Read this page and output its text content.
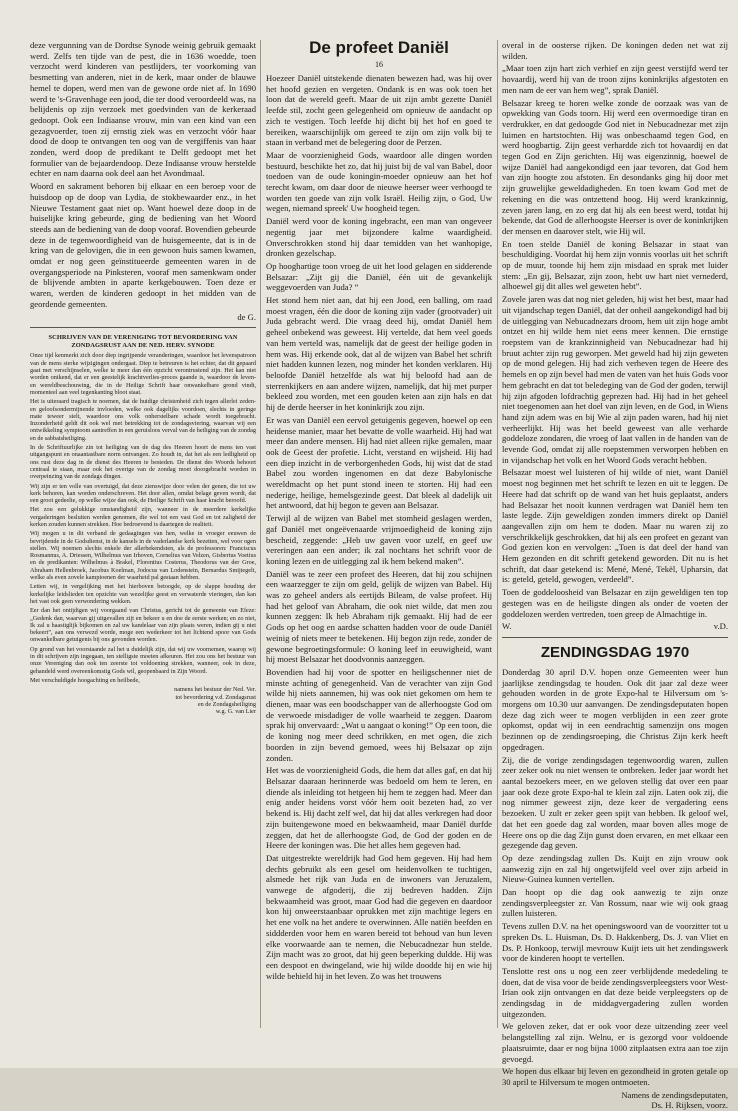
deze vergunning van de Dordtse Synode weinig gebruik gemaakt werd. Zelfs ten tijde van de pest, die in 1636 woedde, toen verzocht werd kinderen van pestlijders, ter voorkoming van besmetting van anderen, niet in de kerk, maar onder de blauwe hemel te dopen, werd men van de gewone orde niet af. In 1690 werd te 's-Gravenhage een jood, die ter dood veroordeeld was, na belijdenis op zijn verzoek met goedvinden van de kerkeraad gedoopt. Ook een Indiaanse vrouw, min van een kind van een gezagvoerder, toen zij ernstig ziek was en verzocht vóór haar dood de doop te ontvangen ten oog van de vergiffenis van haar zonden, werd doop de predikant te Delft gedoopt met het formulier van de bejaardendoop. Deze Indiaanse vrouw herstelde echter en nam daarna ook deel aan het Avondmaal.

Woord en sakrament behoren bij elkaar en een beroep voor de huisdoop op de doop van Lydia, de stokbewaarder enz., in het Nieuwe Testament gaat niet op. Want hoewel deze doop in de huiselijke kring gebeurde, ging de bediening van het Woord steeds aan de bediening van de doop vooraf. Bovendien gebeurde deze in de tegenwoordigheid van de huisgemeente, dat is in de kring van de gelovigen, die in een gewoon huis samen kwamen, omdat er nog geen geïnstitueerde gemeenten waren in de overgangsperiode na Pinksteren, vooraf men samenkwam onder de blijvende ambten in aparte kerkgebouwen. Toen deze er waren, werden de kinderen gedoopt in het midden van de geordende gemeenten.

de G.

SCHRIJVEN VAN DE VERENIGING TOT BEVORDERING VAN ZONDAGSRUST AAN DE NED. HERV. SYNODE

Onze tijd kenmerkt zich door diep ingrijpende veranderingen, waardoor het levenspatroon van de mens sterke wijzigingen ondergaat. Diep te betreuren is het echter, dat dit gepaard gaat met verschijnselen, welke te meer dan één opzicht verontrustend zijn. Het kan niet worden ontkend, dat er een geestelijk krachtverlies-proces gaande is, waardoor de leven- en wereldbeschouwing, die in de Heilige Schrift haar onwankelbare grond vindt, momenteel aan veel tegenkanting bloot staat.

Het is uiteraard tragisch te noemen, dat de huidige christenheid zich tegen allerlei zeden- en geloofsondermijnende invloeden, welke ook dagelijks voordoen, slechts in geringe mate teweer stelt, waardoor ons volk onherstelbare schade wordt toegebracht. Inzonderheid geldt dit ook wel met betrekking tot de zondagsviering, waarvan wij een ontwikkeling symptoom aantreffen in een geruisloos verval van de heiliging van de zondag en de sabbatsheiliging.

In de Schriftuurlijke zin tot heiliging van de dag des Heeren hoort de mens ten vast uitgangspunt en onaantastbare norm ontvangen. Zo houdt in, dat het als een ledligheid op ons rust deze dag in de dienst des Heeren te besteden. De dienst des Woords behoort centraal te staan, maar ook het overige van de zondag moet doorgebracht worden in overpeinzing van de zondags dingen.

Wij zijn er ten volle van overtuigd, dat deze zienswijze door velen der genen, die tot uw kerk behoren, kan worden onderschreven. Het door allen, omdat belage geven wordt, dat een groot gedeelte, op welke wijze dan ook, de Heilige Schrift van haar kracht beroofd.

Het zou een gelukkige omstandigheid zijn, wanneer in de meerdere kerkelijke vergaderingen besluiten werden genomen, die wel tot een vast God en tot zaligheid der kerken zouden kunnen strekken. Hoe bedroevend is daartegen de realiteit.

Wij mogen u in dit verband de gedaagingen van hen, welke in vroeger eeuwen de bevrijdende in de Godsdienst, in de kansels in de vaderlandse kerk bezetten, wel voor ogen stellen. Wij noemen slechts enkele der allerbekendsten, als de professoren: Franciscus Rosmannus, A. Driessen, Wilhelmus van Irhoven, Cornelius van Velzen, Gisbertus Voetius en de predikanten: Wilhelmus à Brakel, Florentius Costerus, Theodorus van der Groe, Abraham Hellenbroek, Jacobus Koelman, Jodocus van Lodenstein, Bernardus Smijtegelt, welke als even zovele kampioenen der waarheid pal gestaan hebben.

Letten wij, in vergelijking met het hierboven betoogde, op de slappe houding der kerkelijke leidslieden ten opzichte van wezelijke geest en verwaterde vieringen, dan kan het vast ook geen verwondering wekken.

Eer dan het ontijdigen wij voorgaand van Christus, gericht tot de gemeente van Efeze: „Gedenk dan, waarvan gij uitgevallen zijt en bekeer u en doe de eerste werken; en zo niet, Ik zal u haastiglijk bijkomen en zal uw kandelaar van zijn plaats weren, indien gij u niet bekeert”, aan ons verwezd worde, moge een wederkeer tot het lichtend spoor van Gods onwankelbare getuigenis bij ons gevonden worden.

Op grond van het voorstaande zal het u duidelijk zijn, dat wij uw voornemen, waarop wij in dit schrijven zijn ingegaan, ten stelligste moeten afkeuren. Het zou ons het bestuur van onze Vereniging dan ook ten zeerste tot voldoening strekken, wanneer, ook in deze, gehandeld werd overeenkomstig Gods wil, geopenbaard in Zijn Woord.

Met verschuldigde hoogachting en heilbede,

namens het bestuur der Ned. Ver.
tot bevordering v.d. Zondagsrust
en de Zondagsheiliging
w.g. G. van Lier
De profeet Daniël
16

Hoezeer Daniël uitstekende dienaten bewezen had, was hij over het hoofd gezien en vergeten. Ondank is en was ook toen het loon dat de wereld geeft. Maar de uit zijn ambt gezette Daniël leefde stil, zocht geen gelegenheid om opnieuw de aandacht op zich te vestigen. Toch leefde hij dicht bij het hof en goed te bereiken, waarschijnlijk om gereed te zijn om zijn volk bij te staan in verband met de belegering door de Perzen.

Maar de voorzienigheid Gods, waardoor alle dingen worden bestuurd, beschikte het zo, dat hij juist bij de val van Babel, door toedoen van de oude koningin-moeder opnieuw aan het hof terecht kwam, om daar door de nieuwe heerser weer verhoogd te worden ten goede van zijn volk Israël. Heilig zijn, o God, Uw wegen, niemand spreek' Uw hoogheid tegen.

Daniël werd voor de koning ingebracht, een man van ongeveer negentig jaar met bijzondere kalme waardigheid. Onverschrokken stond hij daar temidden van het wanhopige, dronken gezelschap.

Op hooghartige toon vroeg de uit het lood gelagen en sidderende Belsazar: „Zijt gij die Daniël, één uit de gevankelijk weggevoerden van Juda? ”

Het stond hem niet aan, dat hij een Jood, een balling, om raad moest vragen, één die door de koning zijn vader (grootvader) uit Juda gebracht werd. Die vraag deed hij, omdat Daniël hem geheel onbekend was geweest. Hij vertelde, dat hem veel goeds van hem verteld was, namelijk dat de geest der heilige goden in hem was. Hij erkende ook, dat al de wijzen van Babel het schrift niet hadden kunnen lezen, nog minder het konden verklaren. Hij beloofde Daniël hetzelfde als wat hij beloofd had aan de sterrenkijkers en aan andere wijzen, namelijk, dat hij met purper bekleed zou worden, met een gouden keten aan zijn hals en dat hij de derde heerser in het koninkrijk zou zijn.

Er was van Daniël een eervol getuigenis gegeven, hoewel op een heidense manier, maar het bevatte de volle waarheid. Hij had wat meer dan andere mensen. Hij had niet alleen rijke gemalen, maar ook de Geest der profetie. Licht, verstand en wijsheid. Hij had een diep inzicht in de verborgenheden Gods, hij wist dat de stad Babel zou worden ingenomen en dat deze Babylonische wereldmacht op het punt stond ineen te storten. Hij had een nederige, heilige, hemelsgezinde geest. Dat bleek al dadelijk uit het antwoord, dat hij begon te geven aan Belsazar.

Terwijl al de wijzen van Babel met stomheid geslagen werden, gaf Daniël met ongeëvenaarde vrijmoedigheid de koning zijn bescheid, zeggende: „Heb uw gaven voor uzelf, en geef uw vereringen aan een ander; ik zal nochtans het schrift voor de koning lezen en de uitlegging zal ik hem bekend maken”.

Daniël was te zeer een profeet des Heeren, dat hij zou schijnen een waarzegger te zijn om geld, gelijk de wijzen van Babel. Hij was zo geheel anders als eertijds Bileam, de valse profeet. Hij had het geloof van Abraham, die ook niet wilde, dat men zou kunnen zeggen: Ik heb Abraham rijk gemaakt. Hij had de eer Gods op het oog en aardse schatten hadden voor de oude Daniël weinig of niets meer te betekenen. Hij begon zijn rede, zonder de gewone begroetingsformule: O koning leef in eeuwigheid, want hij moest Belsazar het doodvonnis aanzeggen.

Bovendien had hij voor de spotter en heiligschenner niet de minste achting of genegenheid. Van de verachter van zijn God wilde hij niets aannemen, hij was ook niet gekomen om hem te dienen, maar was een boodschapper van de allerhoogste God om de verwoede misdadiger de volle waarheid te zeggen. Daarom sprak hij onvervaard: „Wat u aangaat o koning!” Op een toon, die de koning nog meer deed schrikken, en met ogen, die zich boorden in zijn bevend gemoed, wees hij Belsazar op zijn zonden.

Het was de voorzienigheid Gods, die hem dat alles gaf, en dat hij Belsazar daaraan herinnerde was bedoeld om hem te leren, en diende als inleiding tot hetgeen hij hem te zeggen had. Meer dan enig ander heidens vorst vóór hem ooit bezeten had, zo ver bekend is. Hij dacht zelf wel, dat hij dat alles verkregen had door zijn buitengewone moed en bekwaamheid, maar Daniël durfde zeggen, dat het de allerhoogste God, de God der goden en de Heere der koningen was. Die het alles hem gegeven had.

Dat uitgestrekte wereldrijk had God hem gegeven. Hij had hem dechts gebruikt als een gesel om heidenvolken te tuchtigen, alsmede het rijk van Juda en de inwoners van Jeruzalem, vanwege de afgoderij, die zij bedreven hadden. Zijn bekwaamheid was groot, maar God had die gegeven en daardoor kon hij onweerstaanbaar oprukken met zijn machtige legers en het ene volk na het andere te overwinnen. Alle natiën beefden en siddderden voor hem en waren bereid tot behoud van hun leven elke voorwaarde aan te nemen, die Nebucadnezar hun stelde. Zijn macht was zo groot, dat hij geen beperking duldde. Hij was een despoot en dwingeland, wie hij wilde doodde hij en wie hij wilde behield hij in het leven. Zo was het trouwens

overal in de oosterse rijken. De koningen deden net wat zij wilden.

„Maar toen zijn hart zich verhief en zijn geest verstijfd werd ter hovaardij, werd hij van de troon zijns koninkrijks afgestoten en men nam de eer van hem weg”, sprak Daniël.

Belsazar kreeg te horen welke zonde de oorzaak was van de opwekking van Gods toorn. Hij werd een overmoedige tiran en verdrukker, en dat gedoogde God niet in Nebucadnezar met zijn luimen en hartstochten. Hij was onbeschaamd tegen God, en werd hoogbartig. Zijn geest verhardde zich tot hovaardij en dat tegen God en Zijn gerichten. Hij was eigenzinnig, hoewel de wijze Daniël had aangekondigd een jaar tevoren, dat God hem van zijn hoogte zou afstoten. En desondanks ging hij door met zijn gruwelijke geweldadigheden. En toen kwam God met de rekening en die was ontzettend hoog. Hij werd krankzinnig, zeven jaren lang, en zo erg dat hij als een beest werd, totdat hij bekende, dat God de allerhoogste Heerser is over de koninkrijken der mensen en daarover stelt, wie Hij wil.

En toen stelde Daniël de koning Belsazar in staat van beschuldiging. Voordat hij hem zijn vonnis voorlas uit het schrift op de muur, toonde hij hem zijn misdaad en sprak met luider stem: „En gij, Belsazar, zijn zoon, hebt uw hart niet vernederd, alhoewel gij dit alles wel geweten hebt”.

Zovele jaren was dat nog niet geleden, hij wist het best, maar had uit vijandschap tegen Daniël, dat der onheil aangekondigd had bij de uitlegging van Nebucadnezars droom, hem uit zijn hoge ambt ontzet en hij wilde hem niet eens meer kennen. Die ernstige roepstem van de krankzinnigheid van Nebucadnezar had hij bruut achter zijn rug geworpen. Met geweld had hij zijn geweten op de mond gelegen. Hij had zich verheven tegen de Heere des hemels en op zijn bevel had men de vaten van het huis Gods voor hem gebracht en dat tot beledeging van de God der goden, terwijl hij zijn afgoden lofdrachtig geprezen had. Hij had in het geheel niet toegenomen aan het doel van zijn leven, en de God, in Wiens hand zijn adem was en bij Wie al zijn paden waren, had hij niet verheerlijkt. Hij was het beeld geweest van alle verharde goddeloze zondaren, die vroeg of laat vallen in de handen van de levende God, omdat zij alle roepstemmen verworpen hebben en in vijandschap het volk en het Woord Gods veracht hebben.

Belsazar moest wel luisteren of hij wilde of niet, want Daniël moest nog beginnen met het schrift te lezen en uit te leggen. De Heere had dat schrift op de wand van het huis geplaatst, anders had Belsazar het nooit kunnen verdragen wat Daniël hem ten laste legde. Zijn geweldigen zonden immers direkt op Daniël aangevallen zijn om hem te doden. Maar nu waren zij zo verschrikkelijk geschrokken, dat hij als een profeet en gezant van God gezien kon en vervolgen: „Toen is dat deel der hand van Hem gezonden en dit schrift getekend geworden. Dit nu is het schrift, dat daar getekend is: Mené, Mené, Tekël, Upharsin, dat is: geteld, geteld, gewogen, verdeeld”.

Toen de goddeloosheid van Belsazar en zijn geweldigen ten top gestegen was en de heiligste dingen als onder de voeten der goddelozen werden vertreden, toen greep de Almachtige in.

W.	v.D.
ZENDINGSDAG 1970

Donderdag 30 april D.V. hopen onze Gemeenten weer hun jaarlijkse zendingsdag te houden. Ook dit jaar zal deze weer gehouden worden in de grote Expo-hal te Hilversum om 's-morgens om 10.30 uur aanvangen. De zendingsdeputaten hopen deze dag zich weer te mogen verblijden in een zeer grote opkomst, opdat wij in een eendrachtig samenzijn ons mogen bezinnen op de zendingsroeping, die Christus Zijn kerk heeft opgedragen.

Zij, die de vorige zendingsdagen tegenwoordig waren, zullen zeer zeker ook nu niet wensen te ontbreken. Ieder jaar wordt het aantal bezoekers meer, en we geloven stellig dat over een paar jaar ook deze grote Expo-hal te klein zal zijn. Laten ook zij, die nog nimmer geweest zijn, deze keer de vergadering eens bezoeken. U zult er zeker geen spijt van hebben. Ik geloof wel, dat het een goede dag zal worden, maar boven alles moge de Heere ons op die dag Zijn gunst doen ervaren, en met elkaar een gezegende dag geven.

Op deze zendingsdag zullen Ds. Kuijt en zijn vrouw ook aanwezig zijn en zal hij ongetwijfeld veel over zijn arbeid in Nieuw-Guinea kunnen vertellen.

Dan hoopt op die dag ook aanwezig te zijn onze zendingsverpleegster zr. Van Rossum, naar wie wij ook graag zullen luisteren.

Tevens zullen D.V. na het openingswoord van de voorzitter tot u spreken Ds. L. Huisman, Ds. D. Hakkenberg, Ds. J. van Vliet en Ds. P. Honkoop, terwijl mevrouw Kuijt iets uit het zendingswerk voor de kinderen hoopt te vertellen.

Tenslotte rest ons u nog een zeer verblijdende mededeling te doen, dat de visa voor de beide zendingsverpleegsters voor West-Irian ook zijn ontvangen en dat deze beide verpleegsters op de zendingsdag in de middagvergadering zullen worden uitgezonden.

We geloven zeker, dat er ook voor deze uitzending zeer veel belangstelling zal zijn. Welnu, er is gezorgd voor voldoende plaatsruimte, daar er nog bijna 1000 zitplaatsen extra aan toe zijn gevoegd.

We hopen dus elkaar bij leven en gezondheid in groten getale op 30 april te Hilversum te mogen ontmoeten.

Namens de zendingsdeputaten,
Ds. H. Rijksen, voorz.
